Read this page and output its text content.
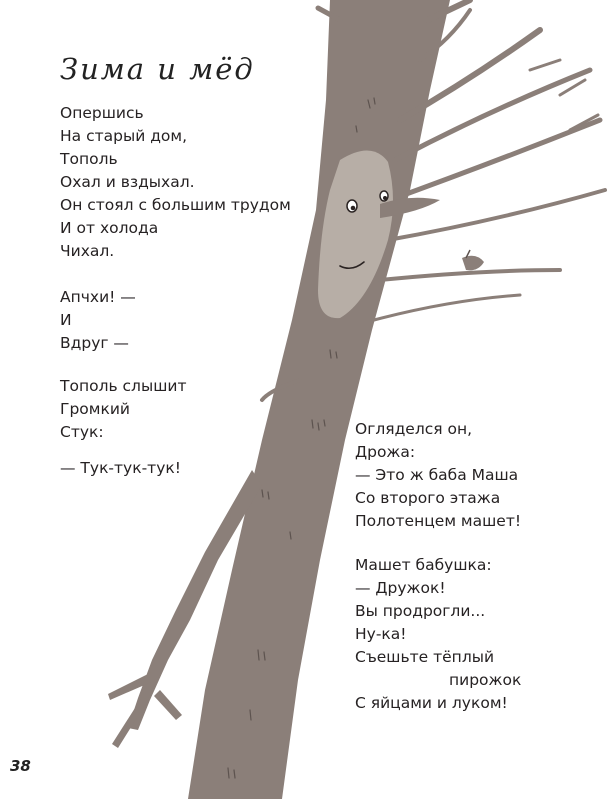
Зима и мёд
Опершись
На старый дом,
Тополь
Охал и вздыхал.
Он стоял с большим трудом
И от холода
Чихал.
Апчхи! —
И
Вдруг —
Тополь слышит
Громкий
Стук:
— Тук-тук-тук!
Огляделся он,
Дрожа:
— Это ж баба Маша
Со второго этажа
Полотенцем машет!
Машет бабушка:
— Дружок!
Вы продрогли...
Ну-ка!
Съешьте тёплый
пирожок
С яйцами и луком!
38
